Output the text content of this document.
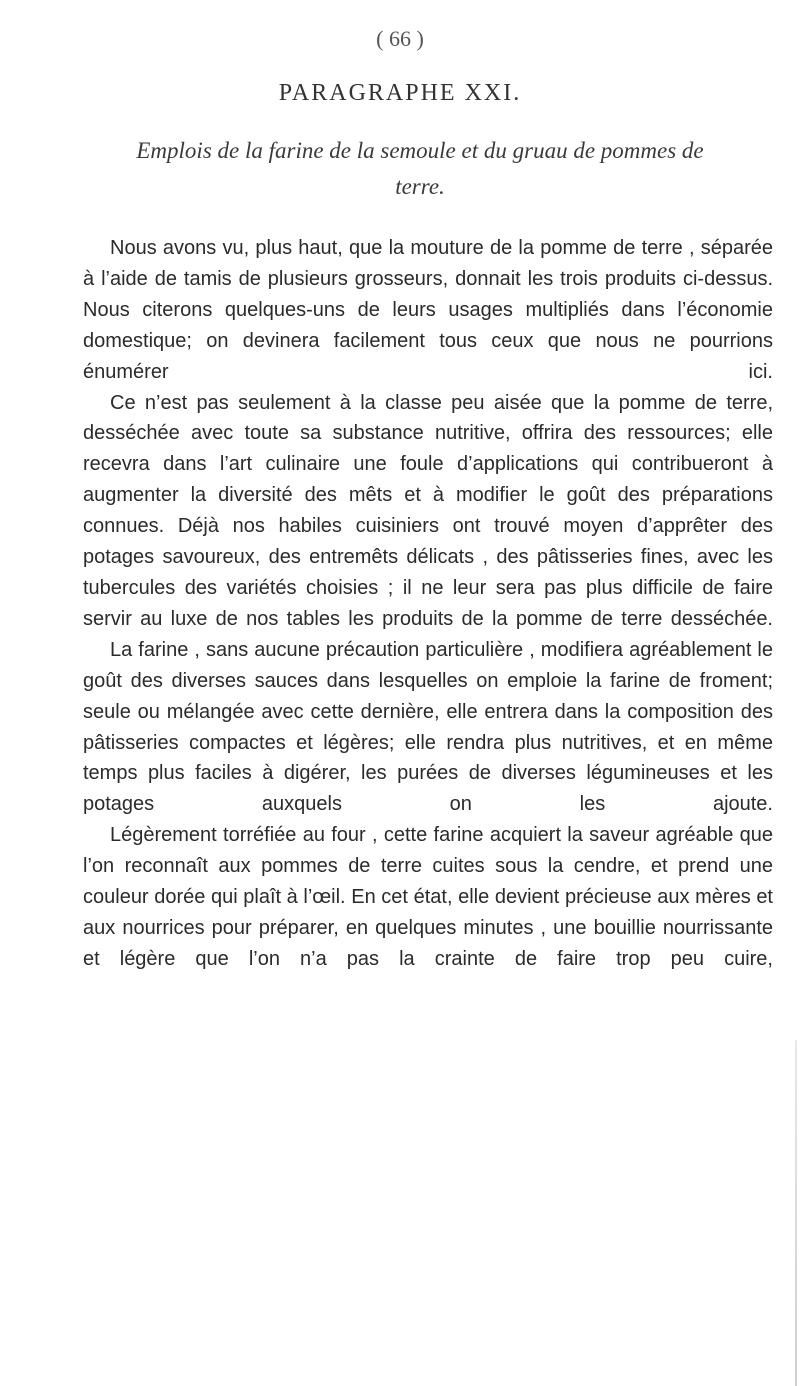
( 66 )
PARAGRAPHE XXI.
Emplois de la farine de la semoule et du gruau de pommes de terre.

Nous avons vu, plus haut, que la mouture de la pomme de terre , séparée à l’aide de tamis de plusieurs grosseurs, donnait les trois produits ci-dessus. Nous citerons quelques-uns de leurs usages multipliés dans l’économie domestique; on devinera facilement tous ceux que nous ne pourrions énumérer ici.

Ce n’est pas seulement à la classe peu aisée que la pomme de terre, desséchée avec toute sa substance nutritive, offrira des ressources; elle recevra dans l’art culinaire une foule d’applications qui contribueront à augmenter la diversité des mêts et à modifier le goût des préparations connues. Déjà nos habiles cuisiniers ont trouvé moyen d’apprêter des potages savoureux, des entremêts délicats , des pâtisseries fines, avec les tubercules des variétés choisies ; il ne leur sera pas plus difficile de faire servir au luxe de nos tables les produits de la pomme de terre desséchée.

La farine , sans aucune précaution particulière , modifiera agréablement le goût des diverses sauces dans lesquelles on emploie la farine de froment; seule ou mélangée avec cette dernière, elle entrera dans la composition des pâtisseries compactes et légères; elle rendra plus nutritives, et en même temps plus faciles à digérer, les purées de diverses légumineuses et les potages auxquels on les ajoute.

Légèrement torréfiée au four , cette farine acquiert la saveur agréable que l’on reconnaît aux pommes de terre cuites sous la cendre, et prend une couleur dorée qui plaît à l’œil. En cet état, elle devient précieuse aux mères et aux nourrices pour préparer, en quelques minutes , une bouillie nourrissante et légère que l’on n’a pas la crainte de faire trop peu cuire,
